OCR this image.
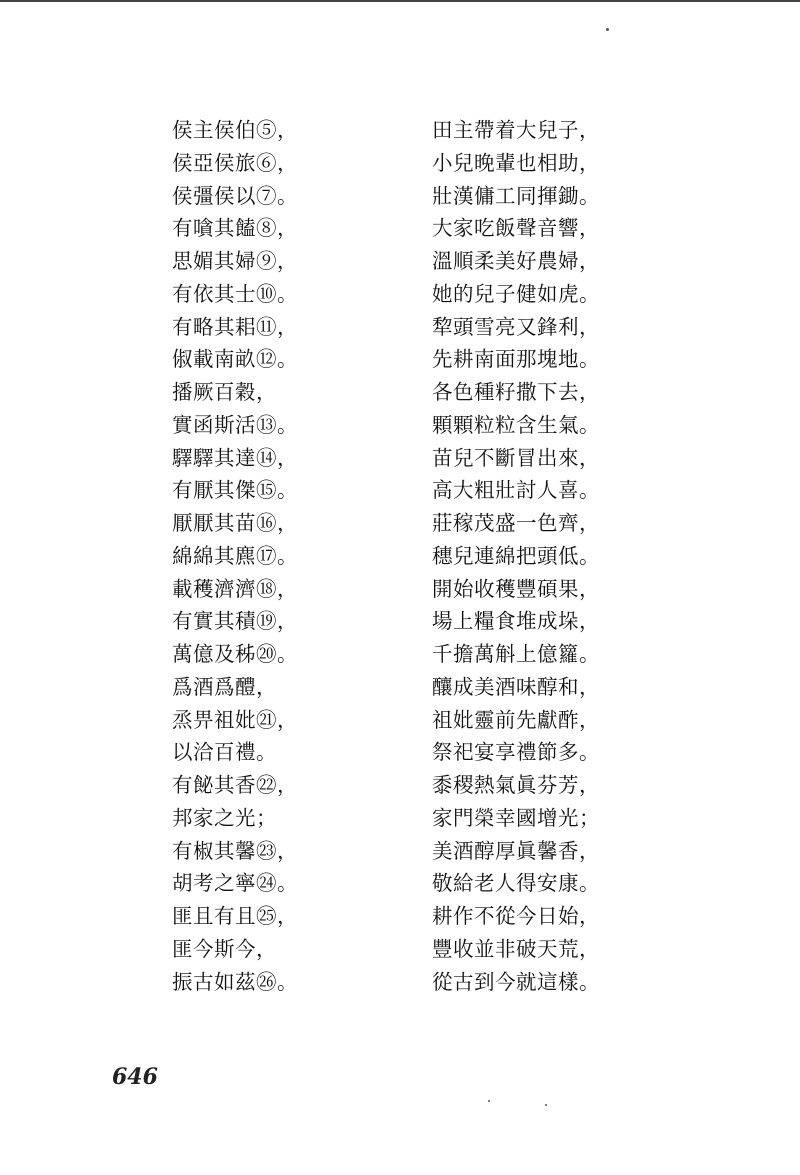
侯主侯伯⑤，
侯亞侯旅⑥，
侯彊侯以⑦。
有嗿其饁⑧，
思媚其婦⑨，
有依其士⑩。
有略其耜⑪，
俶載南畝⑫。
播厥百穀，
實函斯活⑬。
驛驛其達⑭，
有厭其傑⑮。
厭厭其苗⑯，
綿綿其麃⑰。
載穫濟濟⑱，
有實其積⑲，
萬億及秭⑳。
爲酒爲醴，
烝畀祖妣㉑，
以洽百禮。
有飶其香㉒，
邦家之光；
有椒其馨㉓，
胡考之寧㉔。
匪且有且㉕，
匪今斯今，
振古如茲㉖。
田主帶着大兒子，
小兒晚輩也相助，
壯漢傭工同揮鋤。
大家吃飯聲音響，
溫順柔美好農婦，
她的兒子健如虎。
犂頭雪亮又鋒利，
先耕南面那塊地。
各色種籽撒下去，
顆顆粒粒含生氣。
苗兒不斷冒出來，
高大粗壯討人喜。
莊稼茂盛一色齊，
穗兒連綿把頭低。
開始收穫豐碩果，
場上糧食堆成垛，
千擔萬斛上億籮。
釀成美酒味醇和，
祖妣靈前先獻酢，
祭祀宴享禮節多。
黍稷熱氣眞芬芳，
家門榮幸國增光；
美酒醇厚眞馨香，
敬給老人得安康。
耕作不從今日始，
豐收並非破天荒，
從古到今就這樣。
646
